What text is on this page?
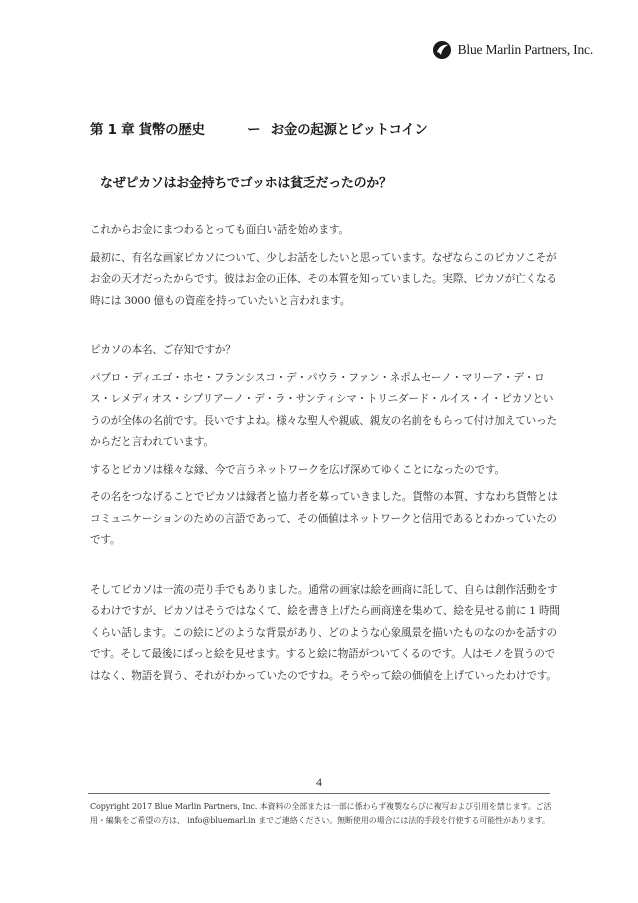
Blue Marlin Partners, Inc.
第 1 章 貨幣の歴史	ー お金の起源とビットコイン
なぜピカソはお金持ちでゴッホは貧乏だったのか？

これからお金にまつわるとっても面白い話を始めます。

最初に、有名な画家ピカソについて、少しお話をしたいと思っています。なぜならこのピカソこそがお金の天才だったからです。彼はお金の正体、その本質を知っていました。実際、ピカソが亡くなる時には 3000 億もの資産を持っていたいと言われます。

ピカソの本名、ご存知ですか？

パブロ・ディエゴ・ホセ・フランシスコ・デ・パウラ・ファン・ネポムセーノ・マリーア・デ・ロス・レメディオス・シプリアーノ・デ・ラ・サンティシマ・トリニダード・ルイス・イ・ピカソというのが全体の名前です。長いですよね。様々な聖人や親戚、親友の名前をもらって付け加えていったからだと言われています。

するとピカソは様々な縁、今で言うネットワークを広げ深めてゆくことになったのです。

その名をつなげることでピカソは縁者と協力者を募っていきました。貨幣の本質、すなわち貨幣とはコミュニケーションのための言語であって、その価値はネットワークと信用であるとわかっていたのです。

そしてピカソは一流の売り手でもありました。通常の画家は絵を画商に託して、自らは創作活動をするわけですが、ピカソはそうではなくて、絵を書き上げたら画商達を集めて、絵を見せる前に 1 時間くらい話します。この絵にどのような背景があり、どのような心象風景を描いたものなのかを話すのです。そして最後にぱっと絵を見せます。すると絵に物語がついてくるのです。人はモノを買うのではなく、物語を買う、それがわかっていたのですね。そうやって絵の価値を上げていったわけです。

4
Copyright 2017 Blue Marlin Partners, Inc. 本資料の全部または一部に係わらず複製ならびに複写および引用を禁じます。ご活用・編集をご希望の方は、 info@bluemarl.in までご連絡ください。無断使用の場合には法的手段を行使する可能性があります。
